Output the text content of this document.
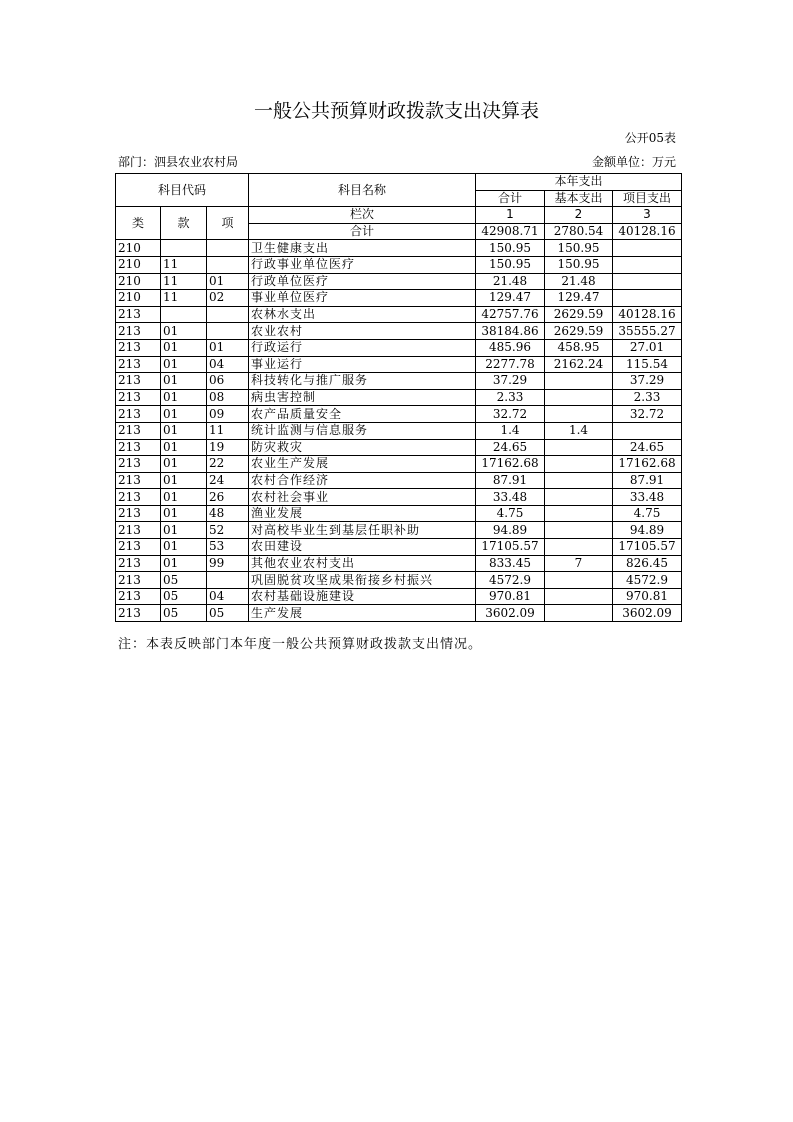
一般公共预算财政拨款支出决算表
公开05表
部门：泗县农业农村局	金额单位：万元
科目代码			科目名称	本年支出		
				合计	基本支出	项目支出
类	款	项	栏次	1	2	3
			合计	42908.71	2780.54	40128.16
210			卫生健康支出	150.95	150.95	
210	11		行政事业单位医疗	150.95	150.95	
210	11	01	行政单位医疗	21.48	21.48	
210	11	02	事业单位医疗	129.47	129.47	
213			农林水支出	42757.76	2629.59	40128.16
213	01		农业农村	38184.86	2629.59	35555.27
213	01	01	行政运行	485.96	458.95	27.01
213	01	04	事业运行	2277.78	2162.24	115.54
213	01	06	科技转化与推广服务	37.29		37.29
213	01	08	病虫害控制	2.33		2.33
213	01	09	农产品质量安全	32.72		32.72
213	01	11	统计监测与信息服务	1.4	1.4	
213	01	19	防灾救灾	24.65		24.65
213	01	22	农业生产发展	17162.68		17162.68
213	01	24	农村合作经济	87.91		87.91
213	01	26	农村社会事业	33.48		33.48
213	01	48	渔业发展	4.75		4.75
213	01	52	对高校毕业生到基层任职补助	94.89		94.89
213	01	53	农田建设	17105.57		17105.57
213	01	99	其他农业农村支出	833.45	7	826.45
213	05		巩固脱贫攻坚成果衔接乡村振兴	4572.9		4572.9
213	05	04	农村基础设施建设	970.81		970.81
213	05	05	生产发展	3602.09		3602.09
注：本表反映部门本年度一般公共预算财政拨款支出情况。
